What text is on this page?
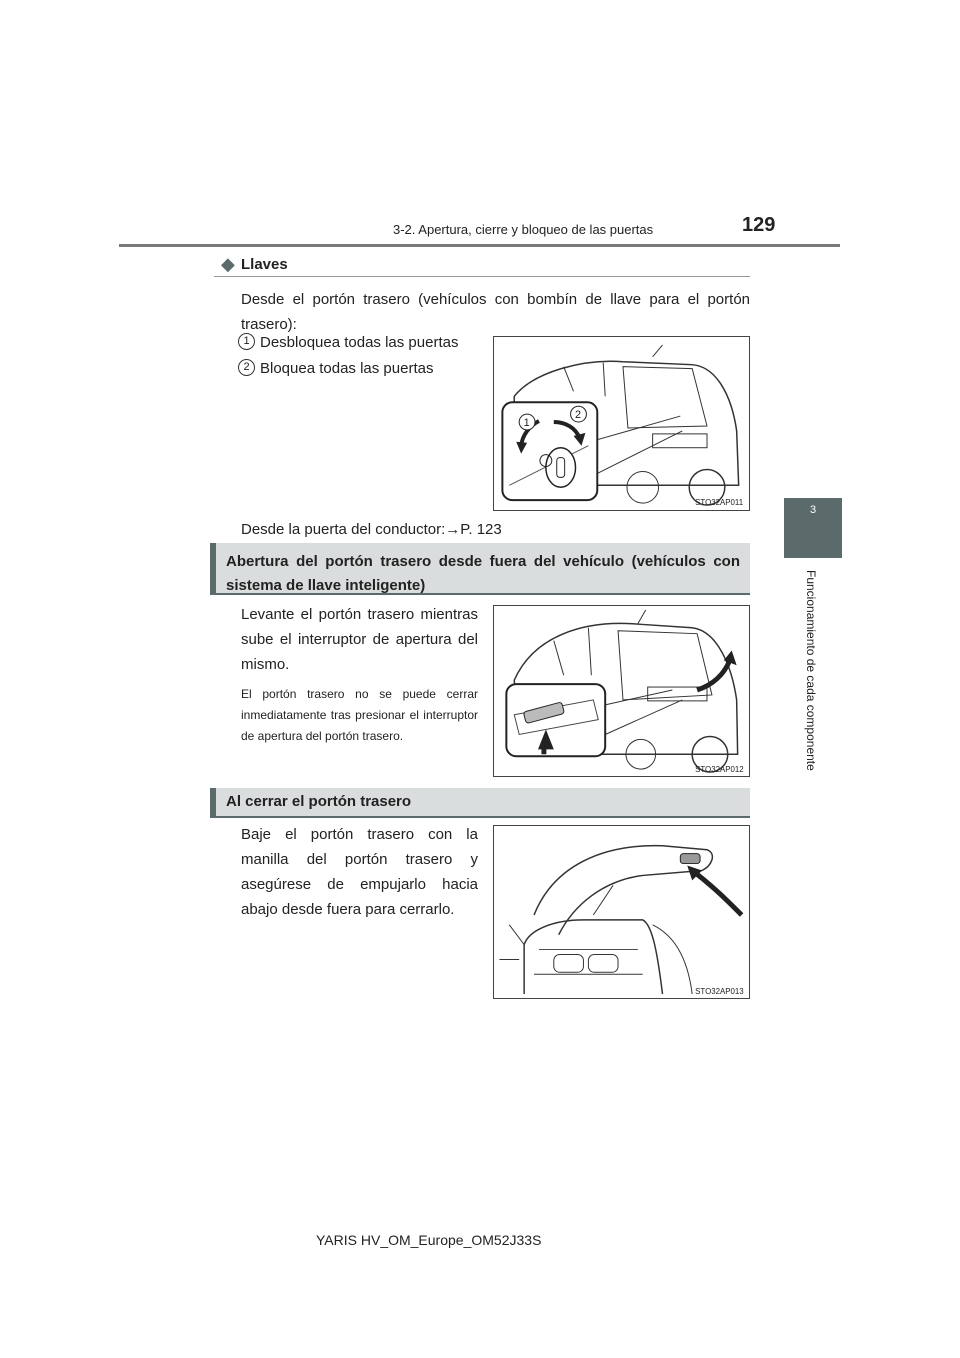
3-2. Apertura, cierre y bloqueo de las puertas	129
3
Funcionamiento de cada componente
◆ Llaves
Desde el portón trasero (vehículos con bombín de llave para el portón trasero):
1 Desbloquea todas las puertas
2 Bloquea todas las puertas
1
2
STO32AP011
Desde la puerta del conductor:→P. 123
Abertura del portón trasero desde fuera del vehículo (vehículos con sistema de llave inteligente)
Levante el portón trasero mientras sube el interruptor de apertura del mismo.
El portón trasero no se puede cerrar inmediatamente tras presionar el interruptor de apertura del portón trasero.
STO32AP012
Al cerrar el portón trasero
Baje el portón trasero con la manilla del portón trasero y asegúrese de empujarlo hacia abajo desde fuera para cerrarlo.
STO32AP013
YARIS HV_OM_Europe_OM52J33S
